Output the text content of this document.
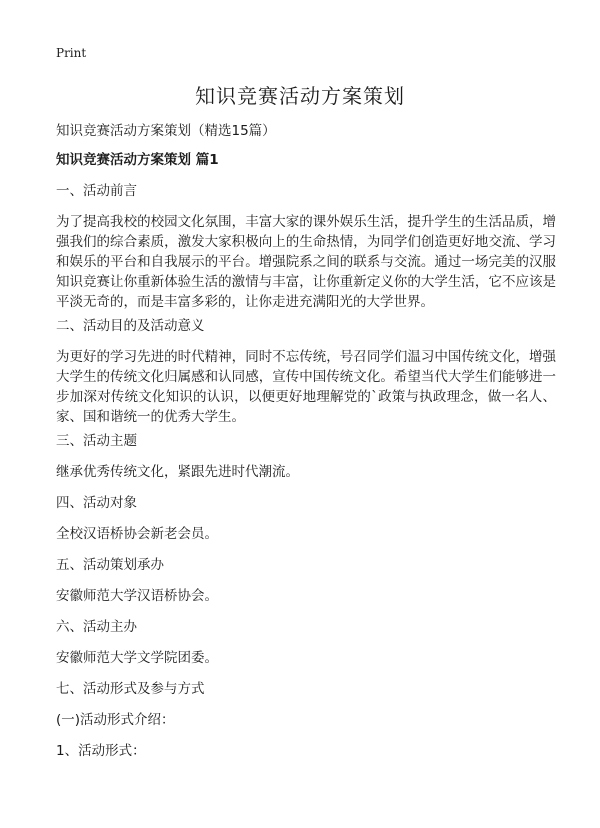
Print
知识竞赛活动方案策划

知识竞赛活动方案策划（精选15篇）

知识竞赛活动方案策划 篇1

一、活动前言

为了提高我校的校园文化氛围，丰富大家的课外娱乐生活，提升学生的生活品质，增强我们的综合素质，激发大家积极向上的生命热情，为同学们创造更好地交流、学习和娱乐的平台和自我展示的平台。增强院系之间的联系与交流。通过一场完美的汉服知识竞赛让你重新体验生活的激情与丰富，让你重新定义你的大学生活，它不应该是平淡无奇的，而是丰富多彩的，让你走进充满阳光的大学世界。

二、活动目的及活动意义

为更好的学习先进的时代精神，同时不忘传统，号召同学们温习中国传统文化，增强大学生的传统文化归属感和认同感，宣传中国传统文化。希望当代大学生们能够进一步加深对传统文化知识的认识，以便更好地理解党的`政策与执政理念，做一名人、家、国和谐统一的优秀大学生。

三、活动主题

继承优秀传统文化，紧跟先进时代潮流。

四、活动对象

全校汉语桥协会新老会员。

五、活动策划承办

安徽师范大学汉语桥协会。

六、活动主办

安徽师范大学文学院团委。

七、活动形式及参与方式

(一)活动形式介绍：

1、活动形式：
